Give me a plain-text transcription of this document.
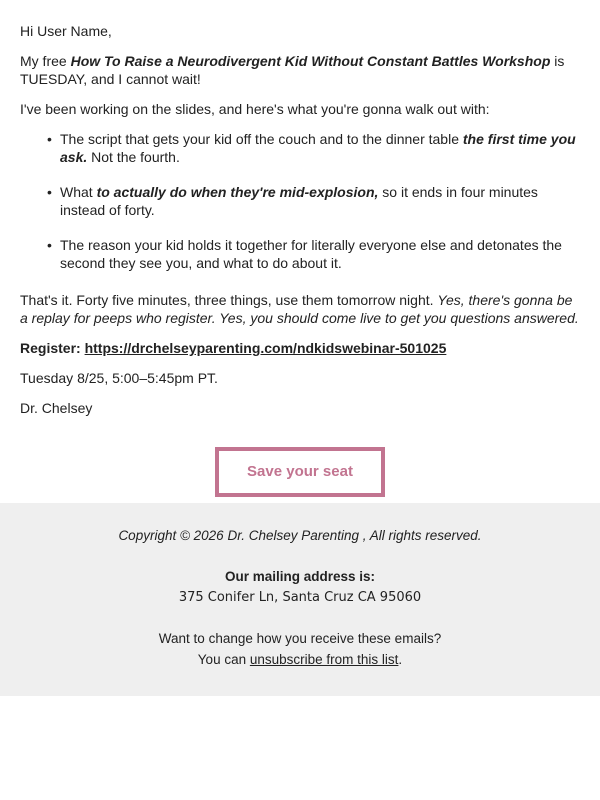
Hi User Name,

My free How To Raise a Neurodivergent Kid Without Constant Battles Workshop is TUESDAY, and I cannot wait!

I've been working on the slides, and here's what you're gonna walk out with:

• The script that gets your kid off the couch and to the dinner table the first time you ask. Not the fourth.
• What to actually do when they're mid-explosion, so it ends in four minutes instead of forty.
• The reason your kid holds it together for literally everyone else and detonates the second they see you, and what to do about it.

That's it. Forty five minutes, three things, use them tomorrow night. Yes, there's gonna be a replay for peeps who register. Yes, you should come live to get you questions answered.

Register: https://drchelseyparenting.com/ndkidswebinar-501025

Tuesday 8/25, 5:00–5:45pm PT.

Dr. Chelsey

Save your seat
Copyright © 2026 Dr. Chelsey Parenting , All rights reserved.
Our mailing address is:
375 Conifer Ln, Santa Cruz CA 95060
Want to change how you receive these emails?
You can unsubscribe from this list.
